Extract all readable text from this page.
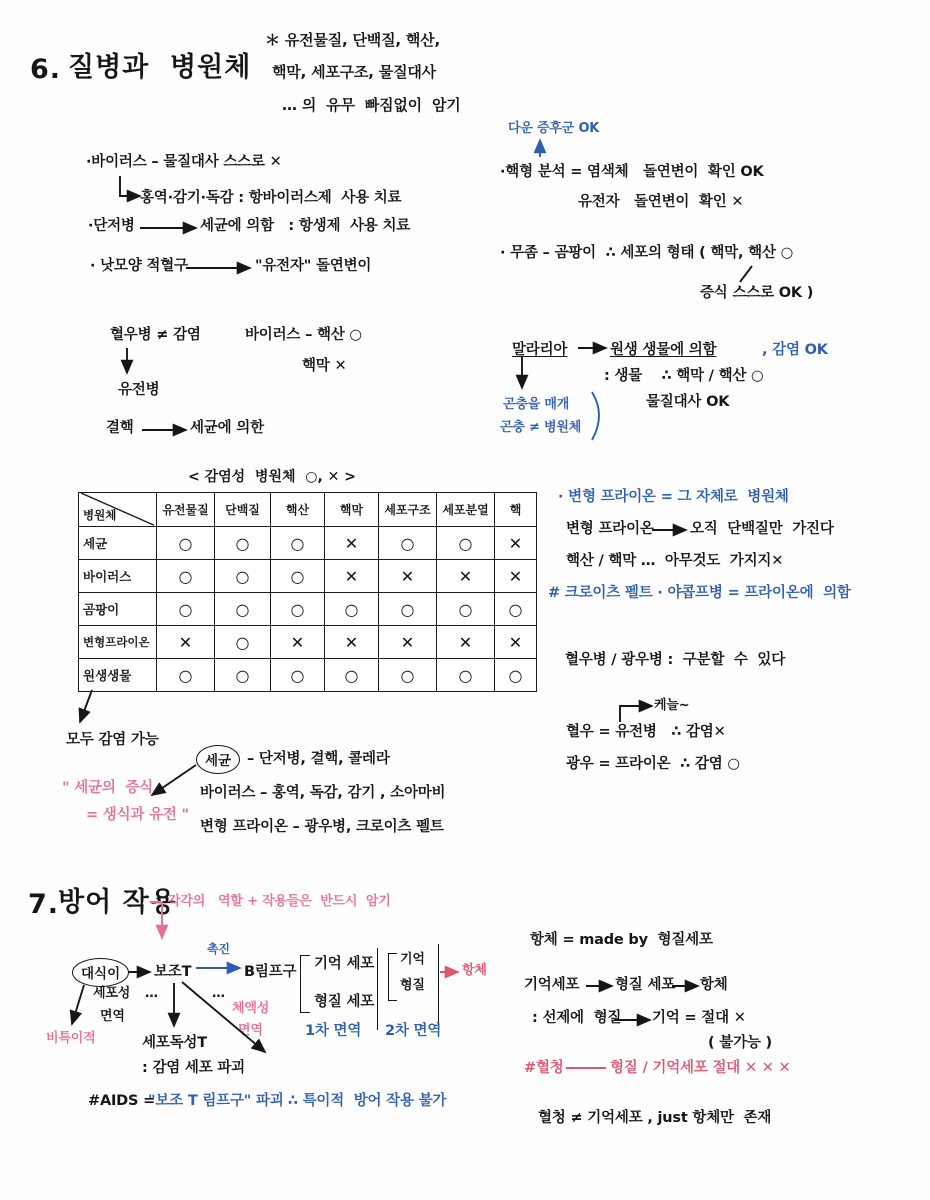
6. 질병과  병원체
＊ 유전물질, 단백질, 핵산,
핵막, 세포구조, 물질대사
… 의  유무  빠짐없이  암기
·바이러스 – 물질대사 스스로 ✕
홍역·감기·독감 : 항바이러스제  사용 치료
·단저병	세균에 의함   : 항생제  사용 치료
· 낫모양 적혈구	"유전자" 돌연변이
혈우병 ≠ 감염
유전병
결핵	세균에 의한
바이러스 – 핵산 ○
핵막 ✕
다운 증후군 OK
·핵형 분석 = 염색체   돌연변이  확인 OK
유전자   돌연변이  확인 ✕
· 무좀 – 곰팡이  ∴ 세포의 형태 ( 핵막, 핵산 ○
증식 스스로 OK )
말라리아	원생 생물에 의함	, 감염 OK
: 생물    ∴ 핵막 / 핵산 ○
물질대사 OK
곤충을 매개
곤충 ≠ 병원체
· 변형 프라이온 = 그 자체로  병원체
변형 프라이온	오직  단백질만  가진다
핵산 / 핵막 …  아무것도  가지지✕
# 크로이츠 펠트 · 야콥프병 = 프라이온에  의함
혈우병 / 광우병 :  구분할  수  있다
케늘∼
혈우 = 유전병   ∴ 감염✕
광우 = 프라이온  ∴ 감염 ○
< 감염성  병원체  ○, ✕ >
병원체	유전물질	단백질	핵산	핵막	세포구조	세포분열	핵
세균	○	○	○	✕	○	○	✕
바이러스	○	○	○	✕	✕	✕	✕
곰팡이	○	○	○	○	○	○	○
변형프라이온	✕	○	✕	✕	✕	✕	✕
원생생물	○	○	○	○	○	○	○
모두 감염 가능
" 세균의  증식
= 생식과 유전 "
세균	– 단저병, 결핵, 콜레라
바이러스 – 홍역, 독감, 감기 , 소아마비
변형 프라이온 – 광우병, 크로이츠 펠트
7.
방어 작용
각각의   역할 + 작용들은  반드시  암기
대식이	보조T
촉진
B림프구 기억 세포
형질 세포
기억
형질
항체
1차 면역 2차 면역
세포성
면역
…	…
체액성
면역
비특이적	세포독성T
: 감염 세포 파괴
#AIDS =
"보조 T 림프구" 파괴 ∴ 특이적  방어 작용 불가
항체 = made by  형질세포
기억세포 형질 세포 항체
: 선제에  형질 기억 = 절대 ✕
( 불가능 )
#혈청	형질 / 기억세포 절대 ✕ ✕ ✕
혈청 ≠ 기억세포 , just 항체만  존재
